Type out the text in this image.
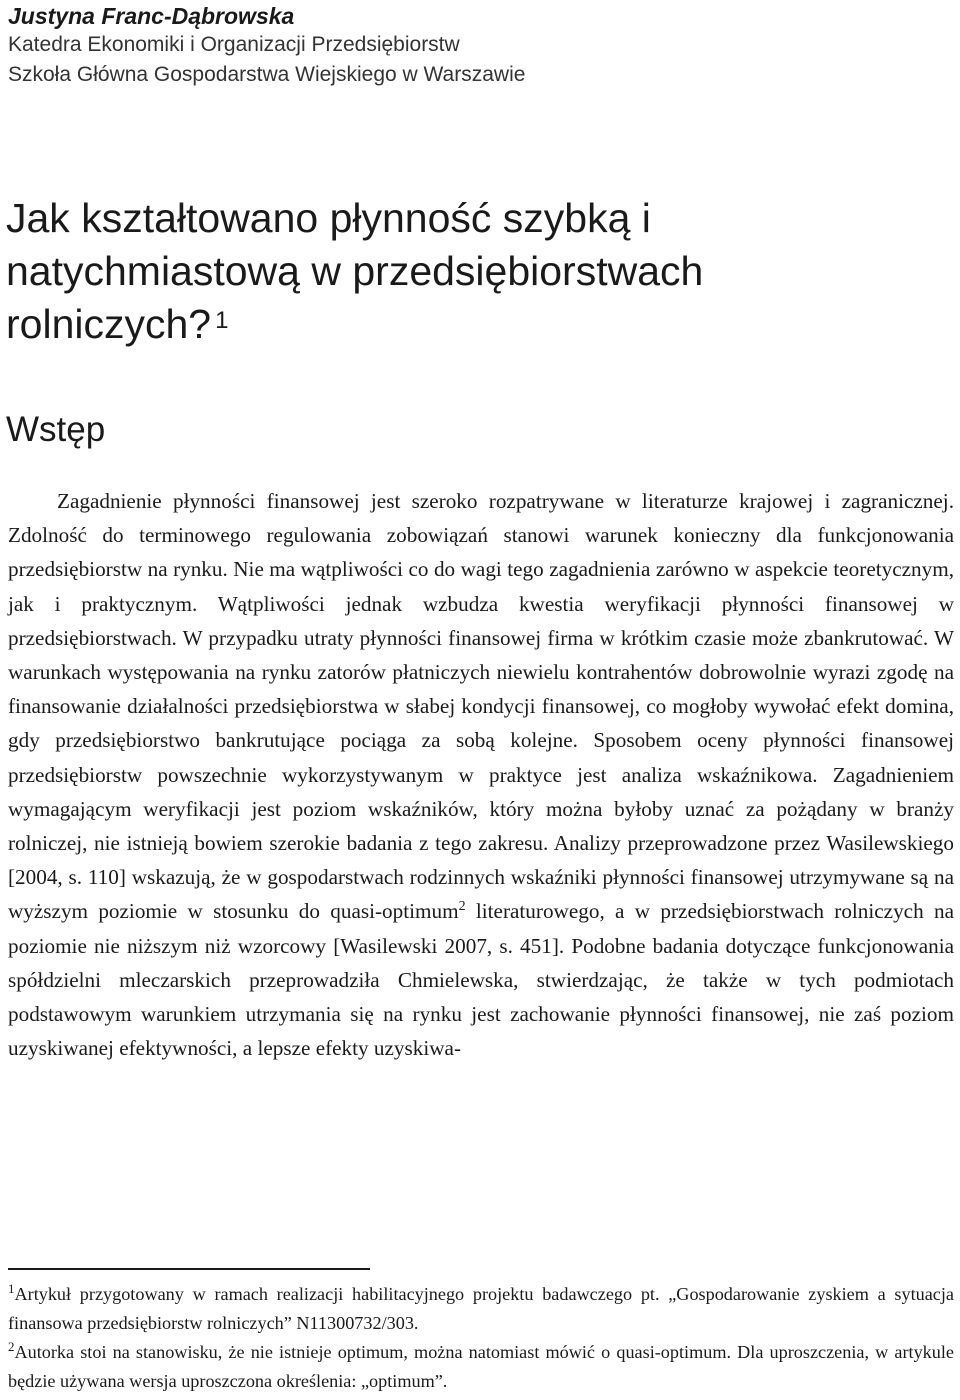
Justyna Franc-Dąbrowska
Katedra Ekonomiki i Organizacji Przedsiębiorstw
Szkoła Główna Gospodarstwa Wiejskiego w Warszawie
Jak kształtowano płynność szybką i natychmiastową w przedsiębiorstwach rolniczych? $^1$
Wstęp

Zagadnienie płynności finansowej jest szeroko rozpatrywane w literaturze krajowej i zagranicznej. Zdolność do terminowego regulowania zobowiązań stanowi warunek konieczny dla funkcjonowania przedsiębiorstw na rynku. Nie ma wątpliwości co do wagi tego zagadnienia zarówno w aspekcie teoretycznym, jak i praktycznym. Wątpliwości jednak wzbudza kwestia weryfikacji płynności finansowej w przedsiębiorstwach. W przypadku utraty płynności finansowej firma w krótkim czasie może zbankrutować. W warunkach występowania na rynku zatorów płatniczych niewielu kontrahentów dobrowolnie wyrazi zgodę na finansowanie działalności przedsiębiorstwa w słabej kondycji finansowej, co mogłoby wywołać efekt domina, gdy przedsiębiorstwo bankrutujące pociąga za sobą kolejne. Sposobem oceny płynności finansowej przedsiębiorstw powszechnie wykorzystywanym w praktyce jest analiza wskaźnikowa. Zagadnieniem wymagającym weryfikacji jest poziom wskaźników, który można byłoby uznać za pożądany w branży rolniczej, nie istnieją bowiem szerokie badania z tego zakresu. Analizy przeprowadzone przez Wasilewskiego [2004, s. 110] wskazują, że w gospodarstwach rodzinnych wskaźniki płynności finansowej utrzymywane są na wyższym poziomie w stosunku do quasi-optimum$^2$ literaturowego, a w przedsiębiorstwach rolniczych na poziomie nie niższym niż wzorcowy [Wasilewski 2007, s. 451]. Podobne badania dotyczące funkcjonowania spółdzielni mleczarskich przeprowadziła Chmielewska, stwierdzając, że także w tych podmiotach podstawowym warunkiem utrzymania się na rynku jest zachowanie płynności finansowej, nie zaś poziom uzyskiwanej efektywności, a lepsze efekty uzyskiwa-

$^1$Artykuł przygotowany w ramach realizacji habilitacyjnego projektu badawczego pt. „Gospodarowanie zyskiem a sytuacja finansowa przedsiębiorstw rolniczych” N11300732/303.
$^2$Autorka stoi na stanowisku, że nie istnieje optimum, można natomiast mówić o quasi-optimum. Dla uproszczenia, w artykule będzie używana wersja uproszczona określenia: „optimum”.
